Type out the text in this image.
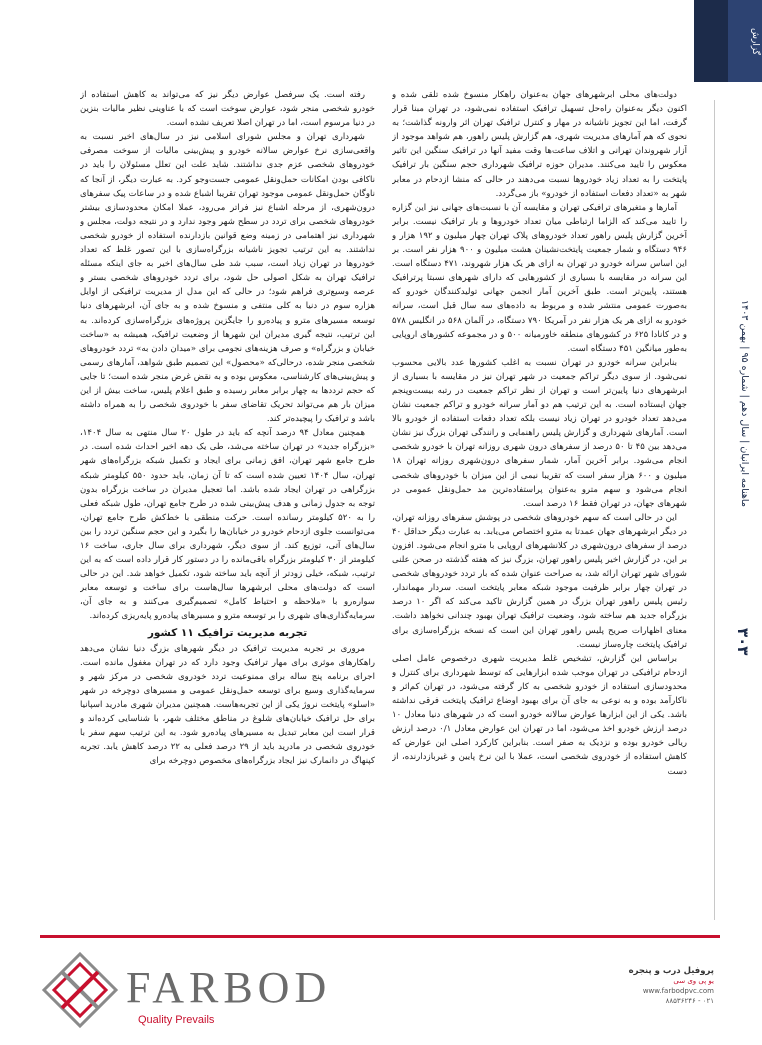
گزارش
ماهنامه ایرانیان | سال دهم | شماره ۹۵ | بهمن ۱۴۰۳
۳۰۳

دولت‌های محلی ابرشهرهای جهان به‌عنوان راهکار منسوخ شده تلقی شده و اکنون دیگر به‌عنوان راه‌حل تسهیل ترافیک استفاده نمی‌شود، در تهران مبنا قرار گرفت، اما این تجویز ناشیانه در مهار و کنترل ترافیک تهران اثر وارونه گذاشت؛ به نحوی که هم آمارهای مدیریت شهری، هم گزارش پلیس راهور، هم شواهد موجود از آزار شهروندان تهرانی و اتلاف ساعت‌ها وقت مفید آنها در ترافیک سنگین این تاثیر معکوس را تایید می‌کنند. مدیران حوزه ترافیک شهرداری حجم سنگین بار ترافیک پایتخت را به تعداد زیاد خودروها نسبت می‌دهند در حالی که منشا ازدحام در معابر شهر به «تعداد دفعات استفاده از خودرو» باز می‌گردد.

آمارها و متغیرهای ترافیکی تهران و مقایسه آن با نسبت‌های جهانی نیز این گزاره را تایید می‌کند که الزاما ارتباطی میان تعداد خودروها و بار ترافیک نیست. برابر آخرین گزارش پلیس راهور تعداد خودروهای پلاک تهران چهار میلیون و ۱۹۲ هزار و ۹۴۶ دستگاه و شمار جمعیت پایتخت‌نشینان هشت میلیون و ۹۰۰ هزار نفر است. بر این اساس سرانه خودرو در تهران به ازای هر یک هزار شهروند، ۴۷۱ دستگاه است. این سرانه در مقایسه با بسیاری از کشورهایی که دارای شهرهای نسبتا پرترافیک هستند، پایین‌تر است. طبق آخرین آمار انجمن جهانی تولیدکنندگان خودرو که به‌صورت عمومی منتشر شده و مربوط به داده‌های سه سال قبل است، سرانه خودرو به ازای هر یک هزار نفر در آمریکا ۷۹۰ دستگاه، در آلمان ۵۶۸ در انگلیس ۵۷۸ و در کانادا ۶۲۵ در کشورهای منطقه خاورمیانه ۵۰۰ و در مجموعه کشورهای اروپایی به‌طور میانگین ۴۵۱ دستگاه است.

بنابراین سرانه خودرو در تهران نسبت به اغلب کشورها عدد بالایی محسوب نمی‌شود. از سوی دیگر تراکم جمعیت در شهر تهران نیز در مقایسه با بسیاری از ابرشهرهای دنیا پایین‌تر است و تهران از نظر تراکم جمعیت در رتبه بیست‌وپنجم جهان ایستاده است. به این ترتیب هم دو آمار سرانه خودرو و تراکم جمعیت نشان می‌دهد تعداد خودرو در تهران زیاد نیست بلکه تعداد دفعات استفاده از خودرو بالا است. آمارهای شهرداری و گزارش پلیس راهنمایی و رانندگی تهران بزرگ نیز نشان می‌دهد بین ۴۵ تا ۵۰ درصد از سفرهای درون شهری روزانه تهران با خودرو شخصی انجام می‌شود. برابر آخرین آمار، شمار سفرهای درون‌شهری روزانه تهران ۱۸ میلیون و ۶۰۰ هزار سفر است که تقریبا نیمی از این میزان با خودروهای شخصی انجام می‌شود و سهم مترو به‌عنوان پراستفاده‌ترین مد حمل‌ونقل عمومی در شهرهای جهان، در تهران فقط ۱۶ درصد است.

این در حالی است که سهم خودروهای شخصی در پوشش سفرهای روزانه تهران، در دیگر ابرشهرهای جهان عمدتا به مترو اختصاص می‌یابد. به عبارت دیگر حداقل ۴۰ درصد از سفرهای درون‌شهری در کلانشهرهای اروپایی با مترو انجام می‌شود. افزون بر این، در گزارش اخیر پلیس راهور تهران، بزرگ نیز که هفته گذشته در صحن علنی شورای شهر تهران ارائه شد، به صراحت عنوان شده که بار تردد خودروهای شخصی در تهران چهار برابر ظرفیت موجود شبکه معابر پایتخت است. سردار مهماندار، رئیس پلیس راهور تهران بزرگ در همین گزارش تاکید می‌کند که اگر ۱۰ درصد بزرگراه جدید هم ساخته شود، وضعیت ترافیک تهران بهبود چندانی نخواهد داشت. معنای اظهارات صریح پلیس راهور تهران این است که نسخه بزرگراه‌سازی برای ترافیک پایتخت چاره‌ساز نیست.

براساس این گزارش، تشخیص غلط مدیریت شهری درخصوص عامل اصلی ازدحام ترافیکی در تهران موجب شده ابزارهایی که توسط شهرداری برای کنترل و محدودسازی استفاده از خودرو شخصی به کار گرفته می‌شود، در تهران کم‌اثر و ناکارآمد بوده و به نوعی به جای آن برای بهبود اوضاع ترافیک پایتخت فرقی نداشته باشد. یکی از این ابزارها عوارض سالانه خودرو است که در شهرهای دنیا معادل ۱۰ درصد ارزش خودرو اخذ می‌شود، اما در تهران این عوارض معادل ۰/۱ درصد ارزش ریالی خودرو بوده و نزدیک به صفر است. بنابراین کارکرد اصلی این عوارض که کاهش استفاده از خودروی شخصی است، عملا با این نرخ پایین و غیربازدارنده، از دست

رفته است. یک سرفصل عوارض دیگر نیز که می‌تواند به کاهش استفاده از خودرو شخصی منجر شود، عوارض سوخت است که با عناوینی نظیر مالیات بنزین در دنیا مرسوم است، اما در تهران اصلا تعریف نشده است.

شهرداری تهران و مجلس شورای اسلامی نیز در سال‌های اخیر نسبت به واقعی‌سازی نرخ عوارض سالانه خودرو و پیش‌بینی مالیات از سوخت مصرفی خودروهای شخصی عزم جدی نداشتند. شاید علت این تعلل مسئولان را باید در ناکافی بودن امکانات حمل‌ونقل عمومی جست‌وجو کرد. به عبارت دیگر، از آنجا که ناوگان حمل‌ونقل عمومی موجود تهران تقریبا اشباع شده و در ساعات پیک سفرهای درون‌شهری، از مرحله اشباع نیز فراتر می‌رود، عملا امکان محدودسازی بیشتر خودروهای شخصی برای تردد در سطح شهر وجود ندارد و در نتیجه دولت، مجلس و شهرداری نیز اهتمامی در زمینه وضع قوانین بازدارنده استفاده از خودرو شخصی نداشتند. به این ترتیب تجویز ناشیانه بزرگراه‌سازی با این تصور غلط که تعداد خودروها در تهران زیاد است، سبب شد طی سال‌های اخیر به جای اینکه مسئله ترافیک تهران به شکل اصولی حل شود، برای تردد خودروهای شخصی بستر و عرصه وسیع‌تری فراهم شود؛ در حالی که این مدل از مدیریت ترافیکی از اوایل هزاره سوم در دنیا به کلی منتفی و منسوخ شده و به جای آن، ابرشهرهای دنیا توسعه مسیرهای مترو و پیاده‌رو را جایگزین پروژه‌های بزرگراه‌سازی کرده‌اند. به این ترتیب، نتیجه گیری مدیران این شهرها از وضعیت ترافیک، همیشه به «ساخت خیابان و بزرگراه» و صرف هزینه‌های نجومی برای «میدان دادن به» تردد خودروهای شخصی منجر شده، درحالی‌که «محصول» این تصمیم طبق شواهد، آمارهای رسمی و پیش‌بینی‌های کارشناسی، معکوس بوده و به نقض غرض منجر شده است؛ تا جایی که حجم ترددها به چهار برابر معابر رسیده و طبق اعلام پلیس، ساخت بیش از این میزان بار هم می‌تواند تحریک تقاضای سفر با خودروی شخصی را به همراه داشته باشد و ترافیک را پیچیده‌تر کند.

همچنین معادل ۹۴ درصد آنچه که باید در طول ۲۰ سال منتهی به سال ۱۴۰۴، «بزرگراه جدید» در تهران ساخته می‌شد، طی یک دهه اخیر احداث شده است. در طرح جامع شهر تهران، افق زمانی برای ایجاد و تکمیل شبکه بزرگراه‌های شهر تهران، سال ۱۴۰۴ تعیین شده است که تا آن زمان، باید حدود ۵۵۰ کیلومتر شبکه بزرگراهی در تهران ایجاد شده باشد. اما تعجیل مدیران در ساخت بزرگراه بدون توجه به جدول زمانی و هدف پیش‌بینی شده در طرح جامع تهران، طول شبکه فعلی را به ۵۲۰ کیلومتر رسانده است. حرکت منطقی با خط‌کش طرح جامع تهران، می‌توانست جلوی ازدحام خودرو در خیابان‌ها را بگیرد و این حجم سنگین تردد را بین سال‌های آتی، توزیع کند. از سوی دیگر، شهرداری برای سال جاری، ساخت ۱۶ کیلومتر از ۳۰ کیلومتر بزرگراه باقی‌مانده را در دستور کار قرار داده است که به این ترتیب، شبکه، خیلی زودتر از آنچه باید ساخته شود، تکمیل خواهد شد. این در حالی است که دولت‌های محلی ابرشهرها سال‌هاست برای ساخت و توسعه معابر سواره‌رو با «ملاحظه و احتیاط کامل» تصمیم‌گیری می‌کنند و به جای آن، سرمایه‌گذاری‌های شهری را بر توسعه مترو و مسیرهای پیاده‌رو پایه‌ریزی کرده‌اند.

تجربه مدیریت ترافیک ۱۱ کشور

مروری بر تجربه مدیریت ترافیک در دیگر شهرهای بزرگ دنیا نشان می‌دهد راهکارهای موثری برای مهار ترافیک وجود دارد که در تهران مغفول مانده است. اجرای برنامه پنج ساله برای ممنوعیت تردد خودروی شخصی در مرکز شهر و سرمایه‌گذاری وسیع برای توسعه حمل‌ونقل عمومی و مسیرهای دوچرخه در شهر «اسلو» پایتخت نروژ یکی از این تجربه‌هاست. همچنین مدیران شهری مادرید اسپانیا برای حل ترافیک خیابان‌های شلوغ در مناطق مختلف شهر، با شناسایی کرده‌اند و قرار است این معابر تبدیل به مسیرهای پیاده‌رو شود. به این ترتیب سهم سفر با خودروی شخصی در مادرید باید از ۲۹ درصد فعلی به ۲۲ درصد کاهش یابد. تجربه کپنهاگ در دانمارک نیز ایجاد بزرگراه‌های مخصوص دوچرخه برای

FARBOD
Quality Prevails
پروفیل درب و پنجره
یو پی وی سی
www.farbodpvc.com
۰۲۱ - ۸۸۵۳۶۲۴۶
